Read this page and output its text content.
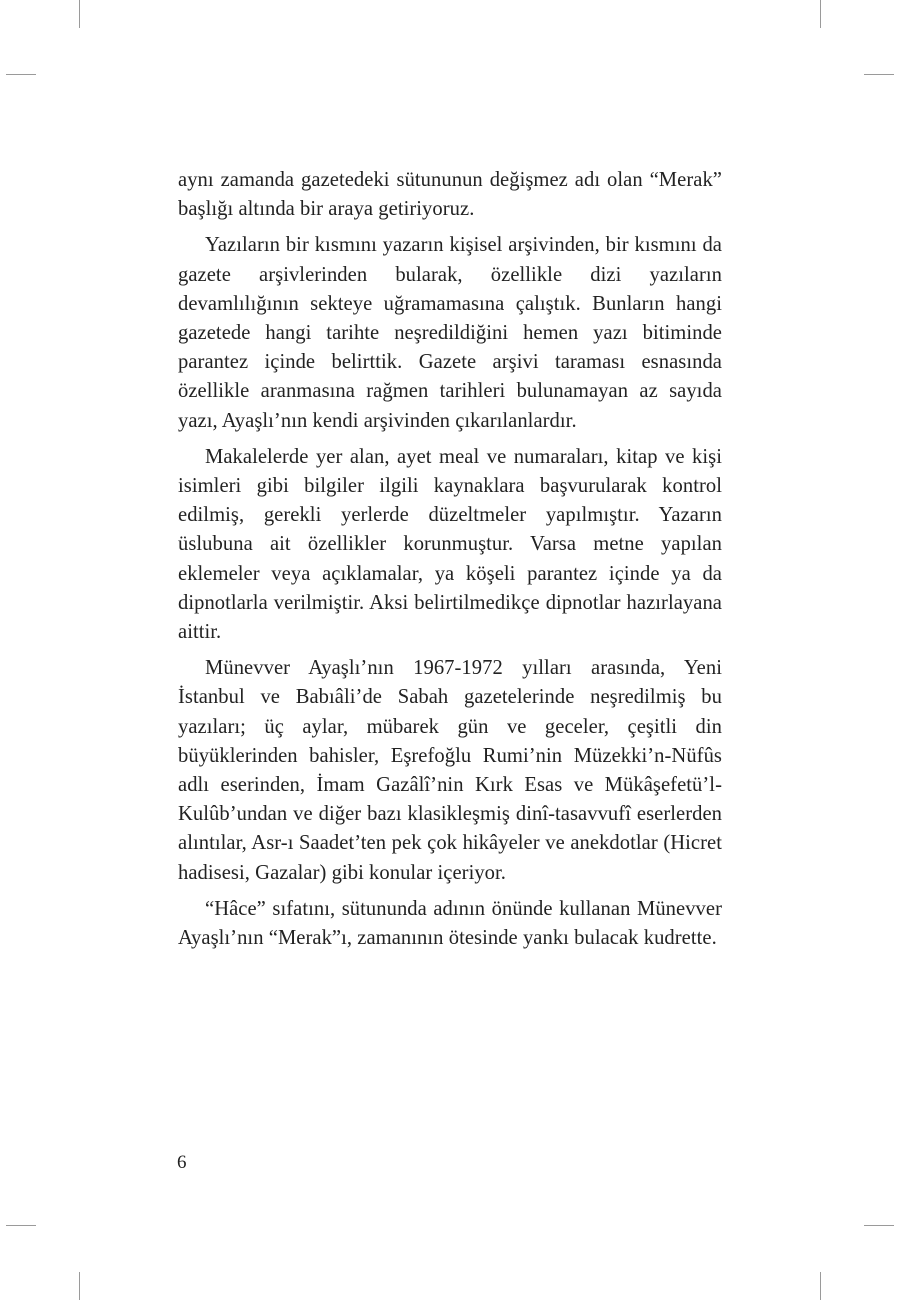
aynı zamanda gazetedeki sütununun değişmez adı olan “Merak” başlığı altında bir araya getiriyoruz.

Yazıların bir kısmını yazarın kişisel arşivinden, bir kısmını da gazete arşivlerinden bularak, özellikle dizi yazıların devamlılığının sekteye uğramamasına çalıştık. Bunların hangi gazetede hangi tarihte neşredildiğini hemen yazı bitiminde parantez içinde belirttik. Gazete arşivi taraması esnasında özellikle aranmasına rağmen tarihleri bulunamayan az sayıda yazı, Ayaşlı’nın kendi arşivinden çıkarılanlardır.

Makalelerde yer alan, ayet meal ve numaraları, kitap ve kişi isimleri gibi bilgiler ilgili kaynaklara başvurularak kontrol edilmiş, gerekli yerlerde düzeltmeler yapılmıştır. Yazarın üslubuna ait özellikler korunmuştur. Varsa metne yapılan eklemeler veya açıklamalar, ya köşeli parantez içinde ya da dipnotlarla verilmiştir. Aksi belirtilmedikçe dipnotlar hazırlayana aittir.

Münevver Ayaşlı’nın 1967-1972 yılları arasında, Yeni İstanbul ve Babıâli’de Sabah gazetelerinde neşredilmiş bu yazıları; üç aylar, mübarek gün ve geceler, çeşitli din büyüklerinden bahisler, Eşrefoğlu Rumi’nin Müzekki’n-Nüfûs adlı eserinden, İmam Gazâlî’nin Kırk Esas ve Mükâşefetü’l-Kulûb’undan ve diğer bazı klasikleşmiş dinî-tasavvufî eserlerden alıntılar, Asr-ı Saadet’ten pek çok hikâyeler ve anekdotlar (Hicret hadisesi, Gazalar) gibi konular içeriyor.

“Hâce” sıfatını, sütununda adının önünde kullanan Münevver Ayaşlı’nın “Merak”ı, zamanının ötesinde yankı bulacak kudrette.

6
